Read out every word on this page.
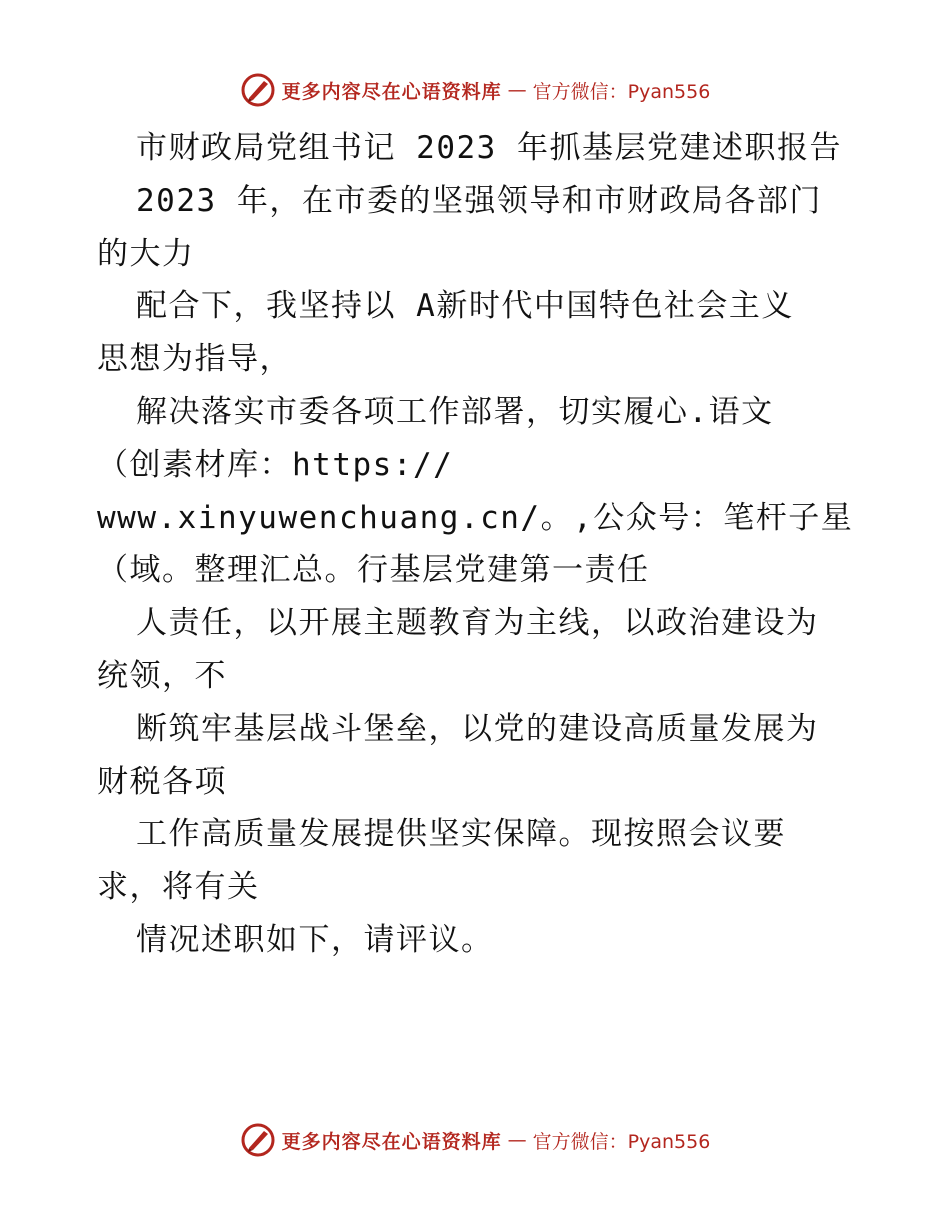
更多内容尽在心语资料库 — 官方微信：Pyan556
市财政局党组书记 2023 年抓基层党建述职报告
2023 年，在市委的坚强领导和市财政局各部门
的大力
配合下，我坚持以 A新时代中国特色社会主义
思想为指导，
解决落实市委各项工作部署，切实履心.语文
（创素材库：https://
www.xinyuwenchuang.cn/。,公众号：笔杆子星
（域。整理汇总。行基层党建第一责任
人责任，以开展主题教育为主线，以政治建设为
统领，不
断筑牢基层战斗堡垒，以党的建设高质量发展为
财税各项
工作高质量发展提供坚实保障。现按照会议要
求，将有关
情况述职如下，请评议。
更多内容尽在心语资料库 — 官方微信：Pyan556
